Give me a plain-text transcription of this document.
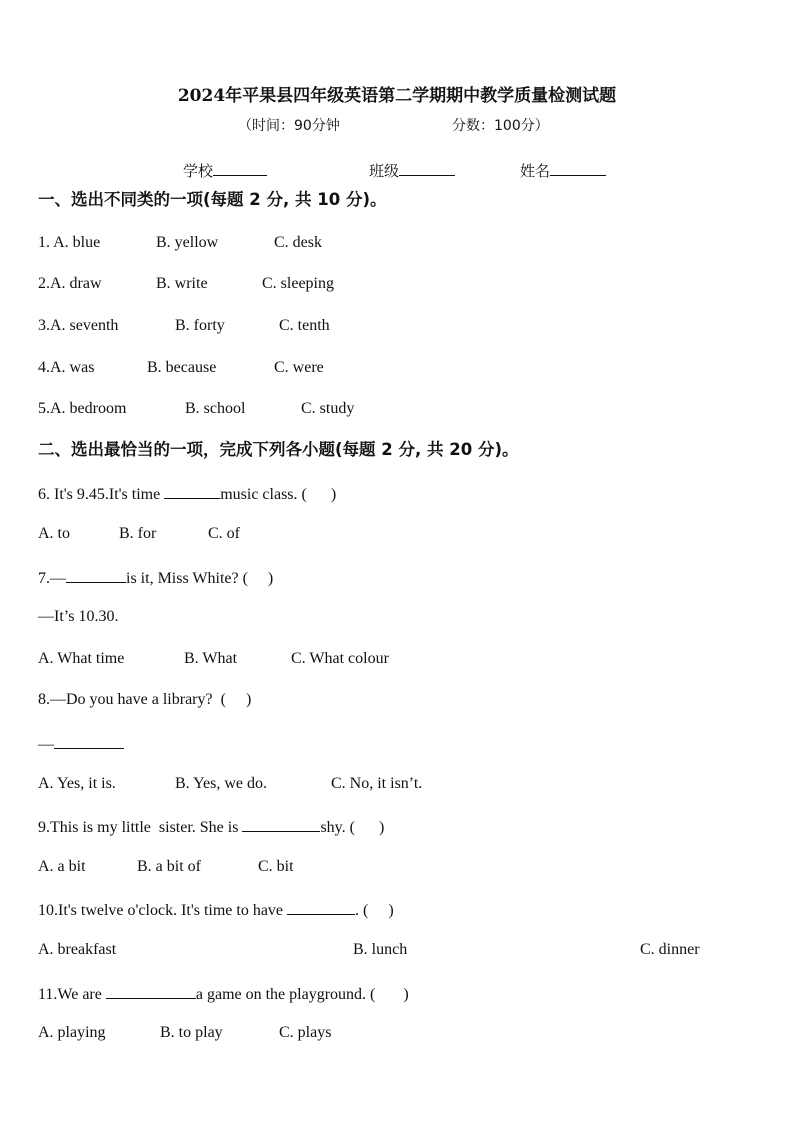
2024年平果县四年级英语第二学期期中教学质量检测试题
（时间：90分钟	分数：100分）
学校	班级	姓名
一、选出不同类的一项(每题 2 分, 共 10 分)。
1. A. blue	B. yellow	C. desk
2.A. draw	B. write	C. sleeping
3.A. seventh	B. forty	C. tenth
4.A. was	B. because	C. were
5.A. bedroom	B. school	C. study
二、选出最恰当的一项，完成下列各小题(每题 2 分, 共 20 分)。
6. It's 9.45.It's time	music class. (      )
A. to	B. for	C. of
7.—	is it, Miss White? (     )
—It’s 10.30.
A. What time	B. What	C. What colour
8.—Do you have a library?  (     )
—
A. Yes, it is.	B. Yes, we do.	C. No, it isn’t.
9.This is my little  sister. She is	shy. (      )
A. a bit	B. a bit of	C. bit
10.It's twelve o'clock. It's time to have	. (     )
A. breakfast	B. lunch	C. dinner
11.We are	a game on the playground. (       )
A. playing	B. to play	C. plays
